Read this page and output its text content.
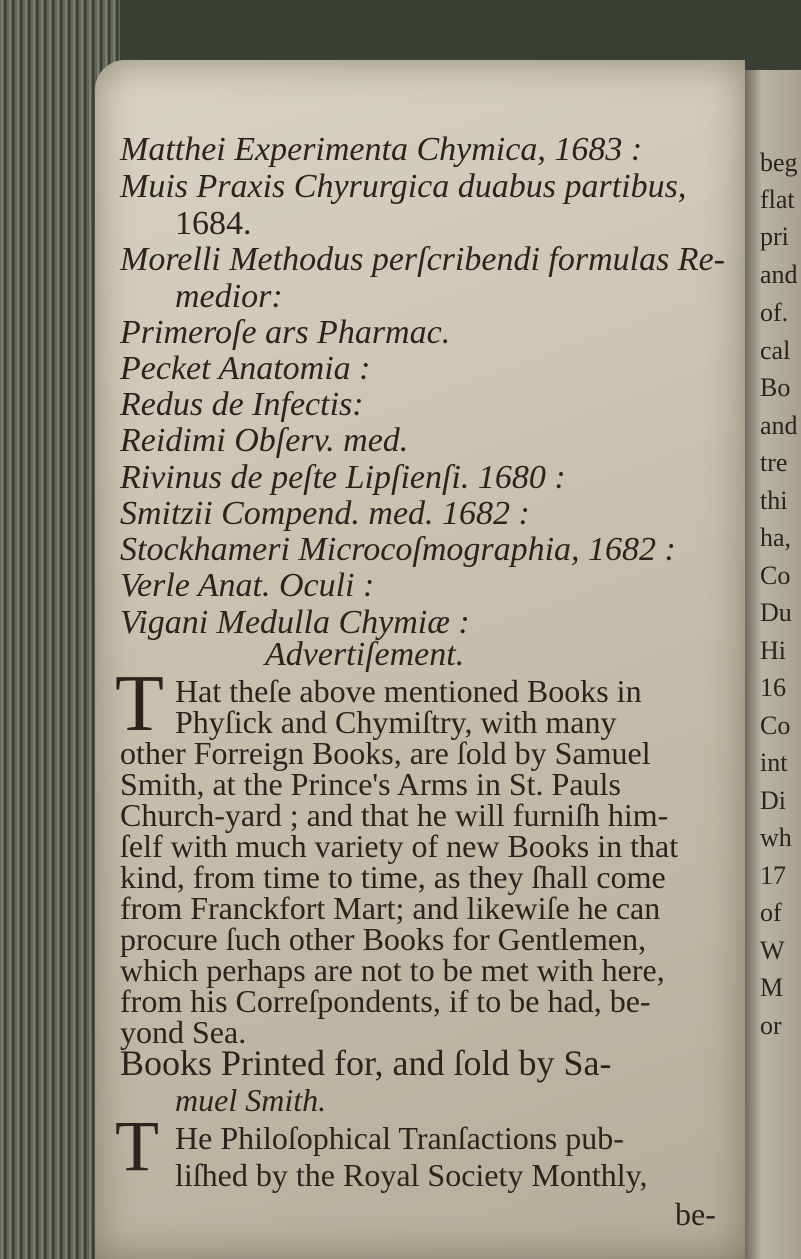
Matthei Experimenta Chymica, 1683 :
Muis Praxis Chyrurgica duabus partibus,
1684.
Morelli Methodus perſcribendi formulas Re-
medior:
Primeroſe ars Pharmac.
Pecket Anatomia :
Redus de Infectis:
Reidimi Obſerv. med.
Rivinus de peſte Lipſienſi. 1680 :
Smitzii Compend. med. 1682 :
Stockhameri Microcoſmographia, 1682 :
Verle Anat. Oculi :
Vigani Medulla Chymiæ :
Advertiſement.
T Hat theſe above mentioned Books in
Phyſick and Chymiſtry, with many
other Forreign Books, are ſold by Samuel
Smith, at the Prince's Arms in St. Pauls
Church-yard ; and that he will furniſh him-
ſelf with much variety of new Books in that
kind, from time to time, as they ſhall come
from Franckfort Mart; and likewiſe he can
procure ſuch other Books for Gentlemen,
which perhaps are not to be met with here,
from his Correſpondents, if to be had, be-
yond Sea.
Books Printed for, and ſold by Sa-
muel Smith.
T He Philoſophical Tranſactions pub-
liſhed by the Royal Society Monthly,
be-
beg
flat
pri
and
of.
cal
Bo
and
tre
thi
ha,
Co
Du
Hi
16
Co
int
Di
wh
17
of
W
M
or
